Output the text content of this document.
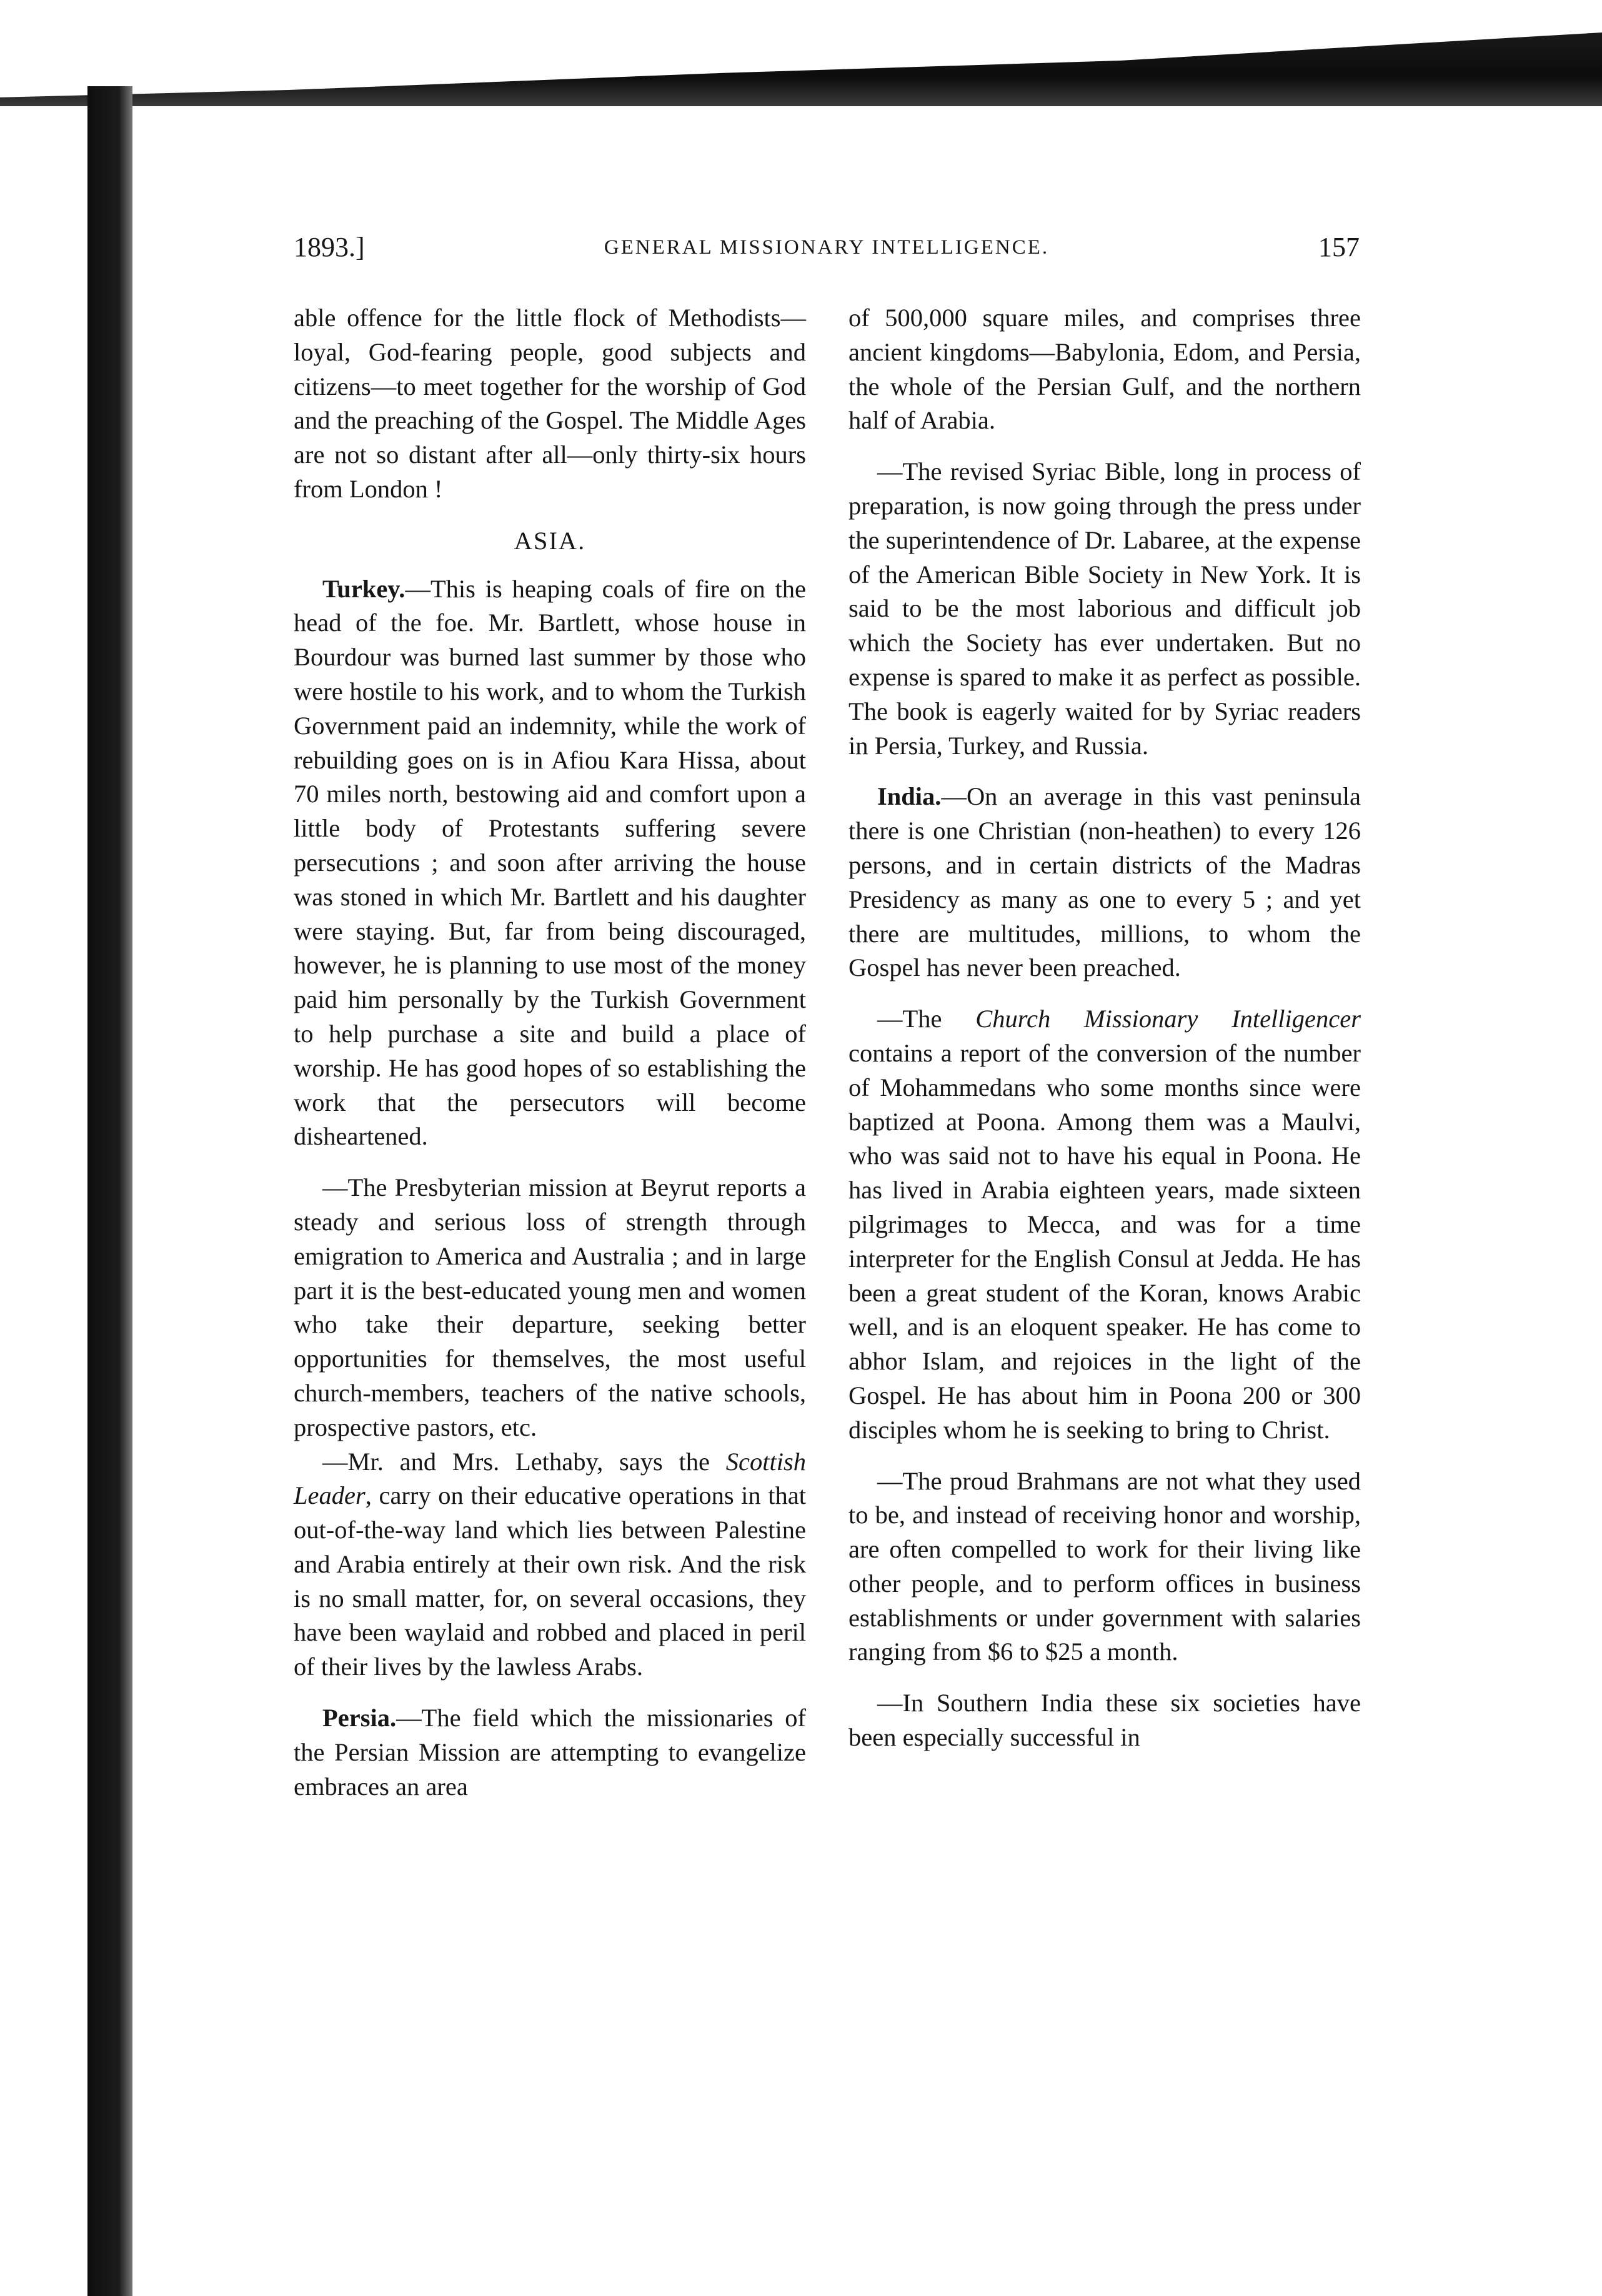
1893.]	GENERAL MISSIONARY INTELLIGENCE.	157

able offence for the little flock of Methodists—loyal, God-fearing people, good subjects and citizens—to meet together for the worship of God and the preaching of the Gospel. The Middle Ages are not so distant after all—only thirty-six hours from London !

ASIA.

Turkey.—This is heaping coals of fire on the head of the foe. Mr. Bartlett, whose house in Bourdour was burned last summer by those who were hostile to his work, and to whom the Turkish Government paid an indemnity, while the work of rebuilding goes on is in Afiou Kara Hissa, about 70 miles north, bestowing aid and comfort upon a little body of Protestants suffering severe persecutions ; and soon after arriving the house was stoned in which Mr. Bartlett and his daughter were staying. But, far from being discouraged, however, he is planning to use most of the money paid him personally by the Turkish Government to help purchase a site and build a place of worship. He has good hopes of so establishing the work that the persecutors will become disheartened.

—The Presbyterian mission at Beyrut reports a steady and serious loss of strength through emigration to America and Australia ; and in large part it is the best-educated young men and women who take their departure, seeking better opportunities for themselves, the most useful church-members, teachers of the native schools, prospective pastors, etc.

—Mr. and Mrs. Lethaby, says the Scottish Leader, carry on their educative operations in that out-of-the-way land which lies between Palestine and Arabia entirely at their own risk. And the risk is no small matter, for, on several occasions, they have been waylaid and robbed and placed in peril of their lives by the lawless Arabs.

Persia.—The field which the missionaries of the Persian Mission are attempting to evangelize embraces an area

of 500,000 square miles, and comprises three ancient kingdoms—Babylonia, Edom, and Persia, the whole of the Persian Gulf, and the northern half of Arabia.

—The revised Syriac Bible, long in process of preparation, is now going through the press under the superintendence of Dr. Labaree, at the expense of the American Bible Society in New York. It is said to be the most laborious and difficult job which the Society has ever undertaken. But no expense is spared to make it as perfect as possible. The book is eagerly waited for by Syriac readers in Persia, Turkey, and Russia.

India.—On an average in this vast peninsula there is one Christian (non-heathen) to every 126 persons, and in certain districts of the Madras Presidency as many as one to every 5 ; and yet there are multitudes, millions, to whom the Gospel has never been preached.

—The Church Missionary Intelligencer contains a report of the conversion of the number of Mohammedans who some months since were baptized at Poona. Among them was a Maulvi, who was said not to have his equal in Poona. He has lived in Arabia eighteen years, made sixteen pilgrimages to Mecca, and was for a time interpreter for the English Consul at Jedda. He has been a great student of the Koran, knows Arabic well, and is an eloquent speaker. He has come to abhor Islam, and rejoices in the light of the Gospel. He has about him in Poona 200 or 300 disciples whom he is seeking to bring to Christ.

—The proud Brahmans are not what they used to be, and instead of receiving honor and worship, are often compelled to work for their living like other people, and to perform offices in business establishments or under government with salaries ranging from $6 to $25 a month.

—In Southern India these six societies have been especially successful in
